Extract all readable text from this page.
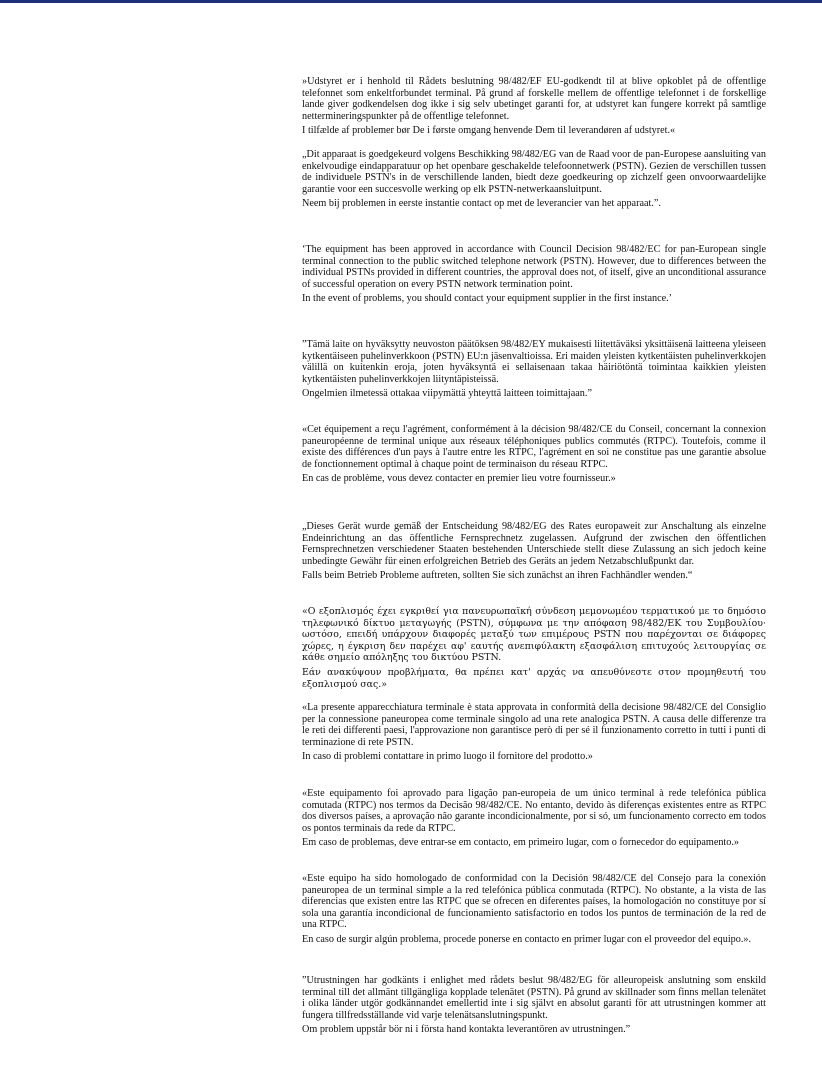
»Udstyret er i henhold til Rådets beslutning 98/482/EF EU-godkendt til at blive opkoblet på de offentlige telefonnet som enkeltforbundet terminal. På grund af forskelle mellem de offentlige telefonnet i de forskellige lande giver godkendelsen dog ikke i sig selv ubetinget garanti for, at udstyret kan fungere korrekt på samtlige nettermineringspunkter på de offentlige telefonnet.

I tilfælde af problemer bør De i første omgang henvende Dem til leverandøren af udstyret.«

„Dit apparaat is goedgekeurd volgens Beschikking 98/482/EG van de Raad voor de pan-Europese aansluiting van enkelvoudige eindapparatuur op het openbare geschakelde telefoonnetwerk (PSTN). Gezien de verschillen tussen de individuele PSTN's in de verschillende landen, biedt deze goedkeuring op zichzelf geen onvoorwaardelijke garantie voor een succesvolle werking op elk PSTN-netwerkaansluitpunt.

Neem bij problemen in eerste instantie contact op met de leverancier van het apparaat.”.

‘The equipment has been approved in accordance with Council Decision 98/482/EC for pan-European single terminal connection to the public switched telephone network (PSTN). However, due to differences between the individual PSTNs provided in different countries, the approval does not, of itself, give an unconditional assurance of successful operation on every PSTN network termination point.

In the event of problems, you should contact your equipment supplier in the first instance.’

”Tämä laite on hyväksytty neuvoston päätöksen 98/482/EY mukaisesti liitettäväksi yksittäisenä laitteena yleiseen kytkentäiseen puhelinverkkoon (PSTN) EU:n jäsenvaltioissa. Eri maiden yleisten kytkentäisten puhelinverkkojen välillä on kuitenkin eroja, joten hyväksyntä ei sellaisenaan takaa häiriötöntä toimintaa kaikkien yleisten kytkentäisten puhelinverkkojen liityntäpisteissä.

Ongelmien ilmetessä ottakaa viipymättä yhteyttä laitteen toimittajaan.”

«Cet équipement a reçu l'agrément, conformément à la décision 98/482/CE du Conseil, concernant la connexion paneuropéenne de terminal unique aux réseaux téléphoniques publics commutés (RTPC). Toutefois, comme il existe des différences d'un pays à l'autre entre les RTPC, l'agrément en soi ne constitue pas une garantie absolue de fonctionnement optimal à chaque point de terminaison du réseau RTPC.

En cas de problème, vous devez contacter en premier lieu votre fournisseur.»

„Dieses Gerät wurde gemäß der Entscheidung 98/482/EG des Rates europaweit zur Anschaltung als einzelne Endeinrichtung an das öffentliche Fernsprechnetz zugelassen. Aufgrund der zwischen den öffentlichen Fernsprechnetzen verschiedener Staaten bestehenden Unterschiede stellt diese Zulassung an sich jedoch keine unbedingte Gewähr für einen erfolgreichen Betrieb des Geräts an jedem Netzabschlußpunkt dar.

Falls beim Betrieb Probleme auftreten, sollten Sie sich zunächst an ihren Fachhändler wenden.“

«Ο εξοπλισμός έχει εγκριθεί για πανευρωπαϊκή σύνδεση μεμονωμέου τερματικού με το δημόσιο τηλεφωνικό δίκτυο μεταγωγής (PSTN), σύμφωνα με την απόφαση 98/482/ΕΚ του Συμβουλίου· ωστόσο, επειδή υπάρχουν διαφορές μεταξύ των επιμέρους PSTN που παρέχονται σε διάφορες χώρες, η έγκριση δεν παρέχει αφ' εαυτής ανεπιφύλακτη εξασφάλιση επιτυχούς λειτουργίας σε κάθε σημείο απόληξης του δικτύου PSTN.

Εάν ανακύψουν προβλήματα, θα πρέπει κατ' αρχάς να απευθύνεστε στον προμηθευτή του εξοπλισμού σας.»

«La presente apparecchiatura terminale è stata approvata in conformità della decisione 98/482/CE del Consiglio per la connessione paneuropea come terminale singolo ad una rete analogica PSTN. A causa delle differenze tra le reti dei differenti paesi, l'approvazione non garantisce però di per sé il funzionamento corretto in tutti i punti di terminazione di rete PSTN.

In caso di problemi contattare in primo luogo il fornitore del prodotto.»

«Este equipamento foi aprovado para ligação pan-europeia de um único terminal à rede telefónica pública comutada (RTPC) nos termos da Decisão 98/482/CE. No entanto, devido às diferenças existentes entre as RTPC dos diversos países, a aprovação não garante incondicionalmente, por si só, um funcionamento correcto em todos os pontos terminais da rede da RTPC.

Em caso de problemas, deve entrar-se em contacto, em primeiro lugar, com o fornecedor do equipamento.»

«Este equipo ha sido homologado de conformidad con la Decisión 98/482/CE del Consejo para la conexión paneuropea de un terminal simple a la red telefónica pública conmutada (RTPC). No obstante, a la vista de las diferencias que existen entre las RTPC que se ofrecen en diferentes países, la homologación no constituye por sí sola una garantía incondicional de funcionamiento satisfactorio en todos los puntos de terminación de la red de una RTPC.

En caso de surgir algún problema, procede ponerse en contacto en primer lugar con el proveedor del equipo.».

”Utrustningen har godkänts i enlighet med rådets beslut 98/482/EG för alleuropeisk anslutning som enskild terminal till det allmänt tillgängliga kopplade telenätet (PSTN). På grund av skillnader som finns mellan telenätet i olika länder utgör godkännandet emellertid inte i sig självt en absolut garanti för att utrustningen kommer att fungera tillfredsställande vid varje telenätsanslutningspunkt.

Om problem uppstår bör ni i första hand kontakta leverantören av utrustningen.”
